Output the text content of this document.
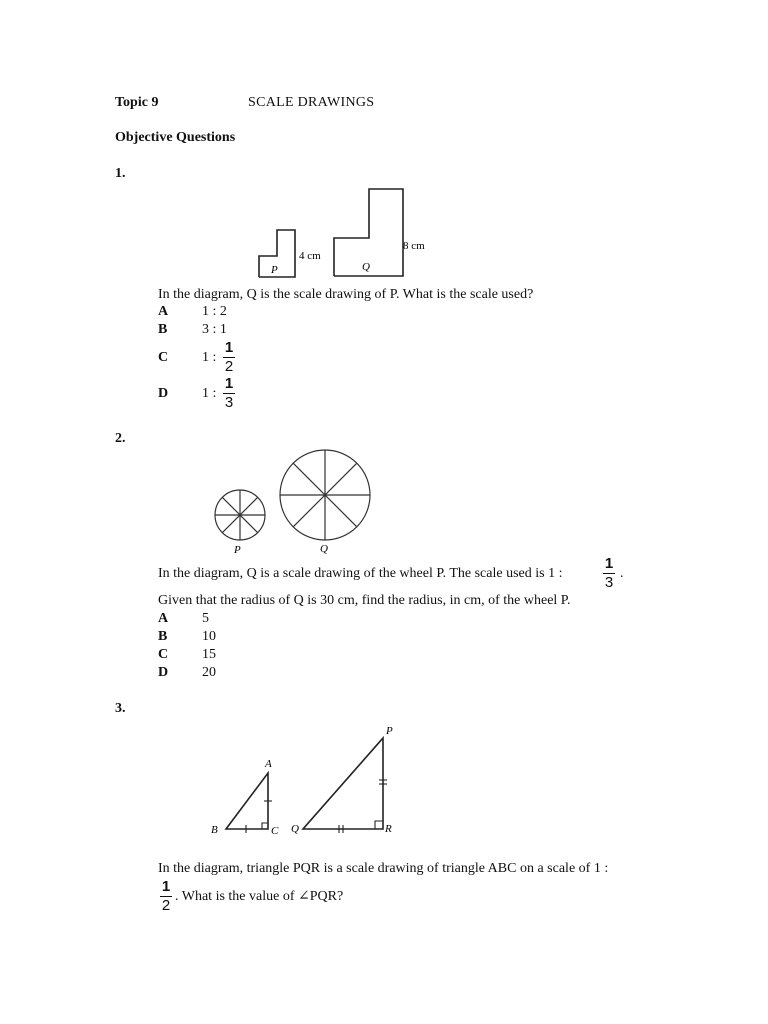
Topic 9	SCALE DRAWINGS
Objective Questions
1.
P
4 cm
Q
8 cm
In the diagram, Q is the scale drawing of P. What is the scale used?
A 1 : 2
B 3 : 1
C 1 :
1
2
D 1 :
1
3
2.
P	Q
In the diagram, Q is a scale drawing of the wheel P. The scale used is 1 :
1
3
.
Given that the radius of Q is 30 cm, find the radius, in cm, of the wheel P.
A 5
B 10
C 15
D 20
3.
A
B	C Q	R
P
In the diagram, triangle PQR is a scale drawing of triangle ABC on a scale of 1 :
1
2
. What is the value of ∠PQR?
